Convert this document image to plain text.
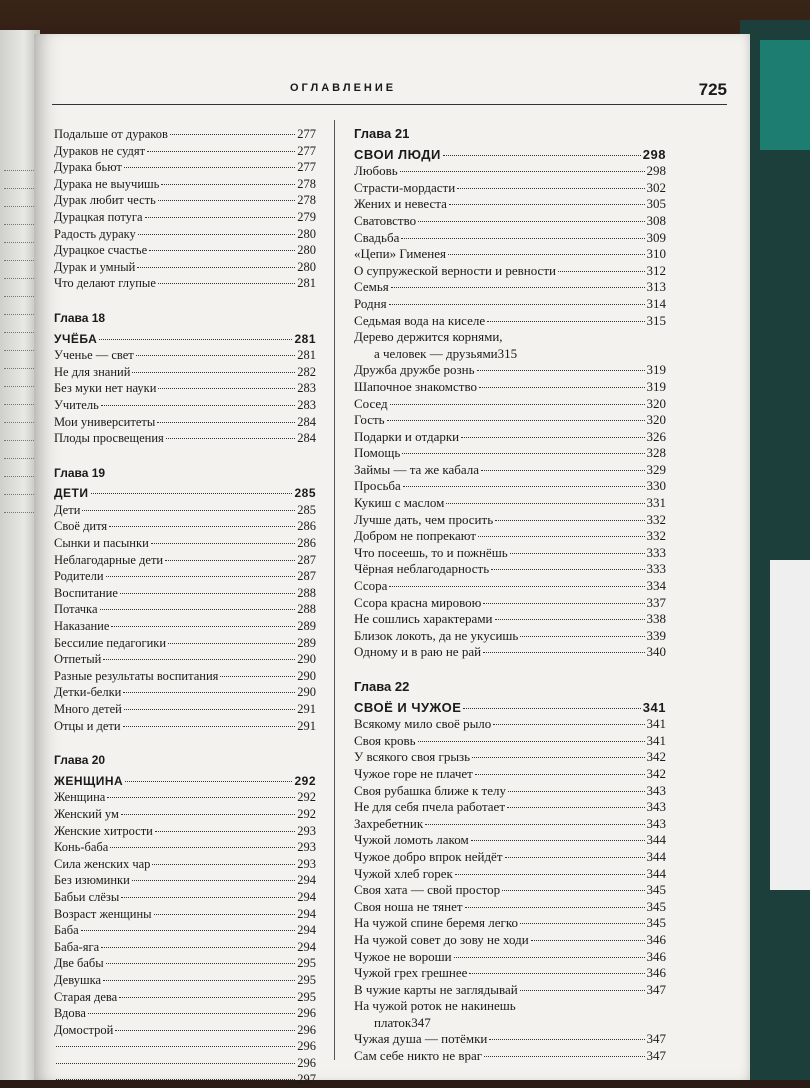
ОГЛАВЛЕНИЕ	725
Подальше от дураков	277
Дураков не судят	277
Дурака бьют	277
Дурака не выучишь	278
Дурак любит честь	278
Дурацкая потуга	279
Радость дураку	280
Дурацкое счастье	280
Дурак и умный	280
Что делают глупые	281
Глава 18
УЧЁБА	281
Ученье — свет	281
Не для знаний	282
Без муки нет науки	283
Учитель	283
Мои университеты	284
Плоды просвещения	284
Глава 19
ДЕТИ	285
Дети	285
Своё дитя	286
Сынки и пасынки	286
Неблагодарные дети	287
Родители	287
Воспитание	288
Потачка	288
Наказание	289
Бессилие педагогики	289
Отпетый	290
Разные результаты воспитания	290
Детки-белки	290
Много детей	291
Отцы и дети	291
Глава 20
ЖЕНЩИНА	292
Женщина	292
Женский ум	292
Женские хитрости	293
Конь-баба	293
Сила женских чар	293
Без изюминки	294
Бабьи слёзы	294
Возраст женщины	294
Баба	294
Баба-яга	294
Две бабы	295
Девушка	295
Старая дева	295
Вдова	296
Домострой	296
296
296
297
Глава 21
СВОИ ЛЮДИ	298
Любовь	298
Страсти-мордасти	302
Жених и невеста	305
Сватовство	308
Свадьба	309
«Цепи» Гименея	310
О супружеской верности и ревности	312
Семья	313
Родня	314
Седьмая вода на киселе	315
Дерево держится корнями,
а человек — друзьями 315
Дружба дружбе рознь	319
Шапочное знакомство	319
Сосед	320
Гость	320
Подарки и отдарки	326
Помощь	328
Займы — та же кабала	329
Просьба	330
Кукиш с маслом	331
Лучше дать, чем просить	332
Добром не попрекают	332
Что посеешь, то и пожнёшь	333
Чёрная неблагодарность	333
Ссора	334
Ссора красна мировою	337
Не сошлись характерами	338
Близок локоть, да не укусишь	339
Одному и в раю не рай	340
Глава 22
СВОЁ И ЧУЖОЕ	341
Всякому мило своё рыло	341
Своя кровь	341
У всякого своя грызь	342
Чужое горе не плачет	342
Своя рубашка ближе к телу	343
Не для себя пчела работает	343
Захребетник	343
Чужой ломоть лаком	344
Чужое добро впрок нейдёт	344
Чужой хлеб горек	344
Своя хата — свой простор	345
Своя ноша не тянет	345
На чужой спине беремя легко	345
На чужой совет до зову не ходи	346
Чужое не вороши	346
Чужой грех грешнее	346
В чужие карты не заглядывай	347
На чужой роток не накинешь
платок 347
Чужая душа — потёмки	347
Сам себе никто не враг	347
